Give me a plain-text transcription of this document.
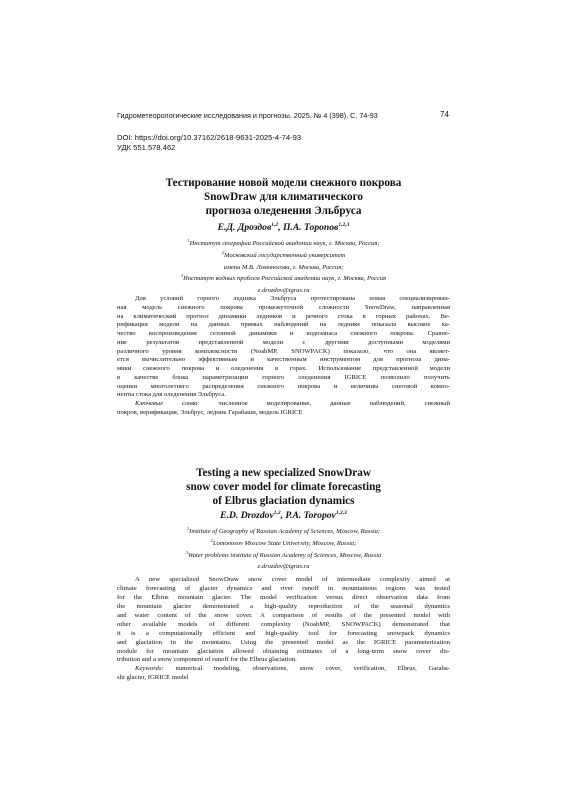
Гидрометеорологические исследования и прогнозы. 2025. № 4 (398). С. 74-93	74
DOI: https://doi.org/10.37162/2618-9631-2025-4-74-93
УДК 551.578.462
Тестирование новой модели снежного покрова
SnowDraw для климатического
прогноза оледенения Эльбруса
Е.Д. Дроздов$^{1,2}$, П.А. Торопов$^{1,2,3}$
$^1$Институт географии Российской академии наук, г. Москва, Россия;
$^2$Московский государственный университет
имени М.В. Ломоносова, г. Москва, Россия;
$^3$Институт водных проблем Российской академии наук, г. Москва, Россия
e.drozdov@igras.ru
Для условий горного ледника Эльбруса протестирована новая специализирован-
ная модель снежного покрова промежуточной сложности SnowDraw, направленная
на климатический прогноз динамики ледников и речного стока в горных районах. Ве-
рификация модели на данных прямых наблюдений на леднике показала высокое ка-
чество воспроизведения сезонной динамики и водозапаса снежного покрова. Сравне-
ние результатов представленной модели с другими доступными моделями
различного уровня комплексности (NoahMP, SNOWPACK) показало, что она являет-
ется вычислительно эффективным и качественным инструментом для прогноза дина-
мики снежного покрова и оледенения в горах. Использование представленной модели
в качестве блока параметризации горного оледенения IGRICE позволило получить
оценки многолетнего распределения снежного покрова и величины снеговой компо-
ненты стока для оледенения Эльбруса.
Ключевые слова:	численное моделирование, данные наблюдений, снежный
покров, верификация, Эльбрус, ледник Гарабаши, модель IGRICE
Testing a new specialized SnowDraw
snow cover model for climate forecasting
of Elbrus glaciation dynamics
E.D. Drozdov$^{1,2}$, P.A. Toropov$^{1,2,3}$
$^1$Institute of Geography of Russian Academy of Sciences, Moscow, Russia;
$^2$Lomonosov Moscow State University, Moscow, Russia;
$^3$Water problems institute of Russian Academy of Sciences, Moscow, Russia
e.drozdov@igras.ru
A new specialized SnowDraw snow cover model of intermediate complexity aimed at
climate forecasting of glacier dynamics and river runoff in mountainous regions was tested
for the Elbrus mountain glacier. The model verification versus direct observation data from
the mountain glacier demonstrated a high-quality reproduction of the seasonal dynamics
and water content of the snow cover. A comparison of results of the presented model with
other available models of different complexity (NoahMP, SNOWPACK) demonstrated that
it is a computationally efficient and high-quality tool for forecasting snowpack dynamics
and glaciation in the mountains. Using the presented model as the IGRICE parameterization
module for mountain glaciation allowed obtaining estimates of a long-term snow cover dis-
tribution and a snow component of runoff for the Elbrus glaciation.
Keywords: numerical modeling, observations, snow cover, verification, Elbrus, Garaba-
shi glacier, IGRICE model
